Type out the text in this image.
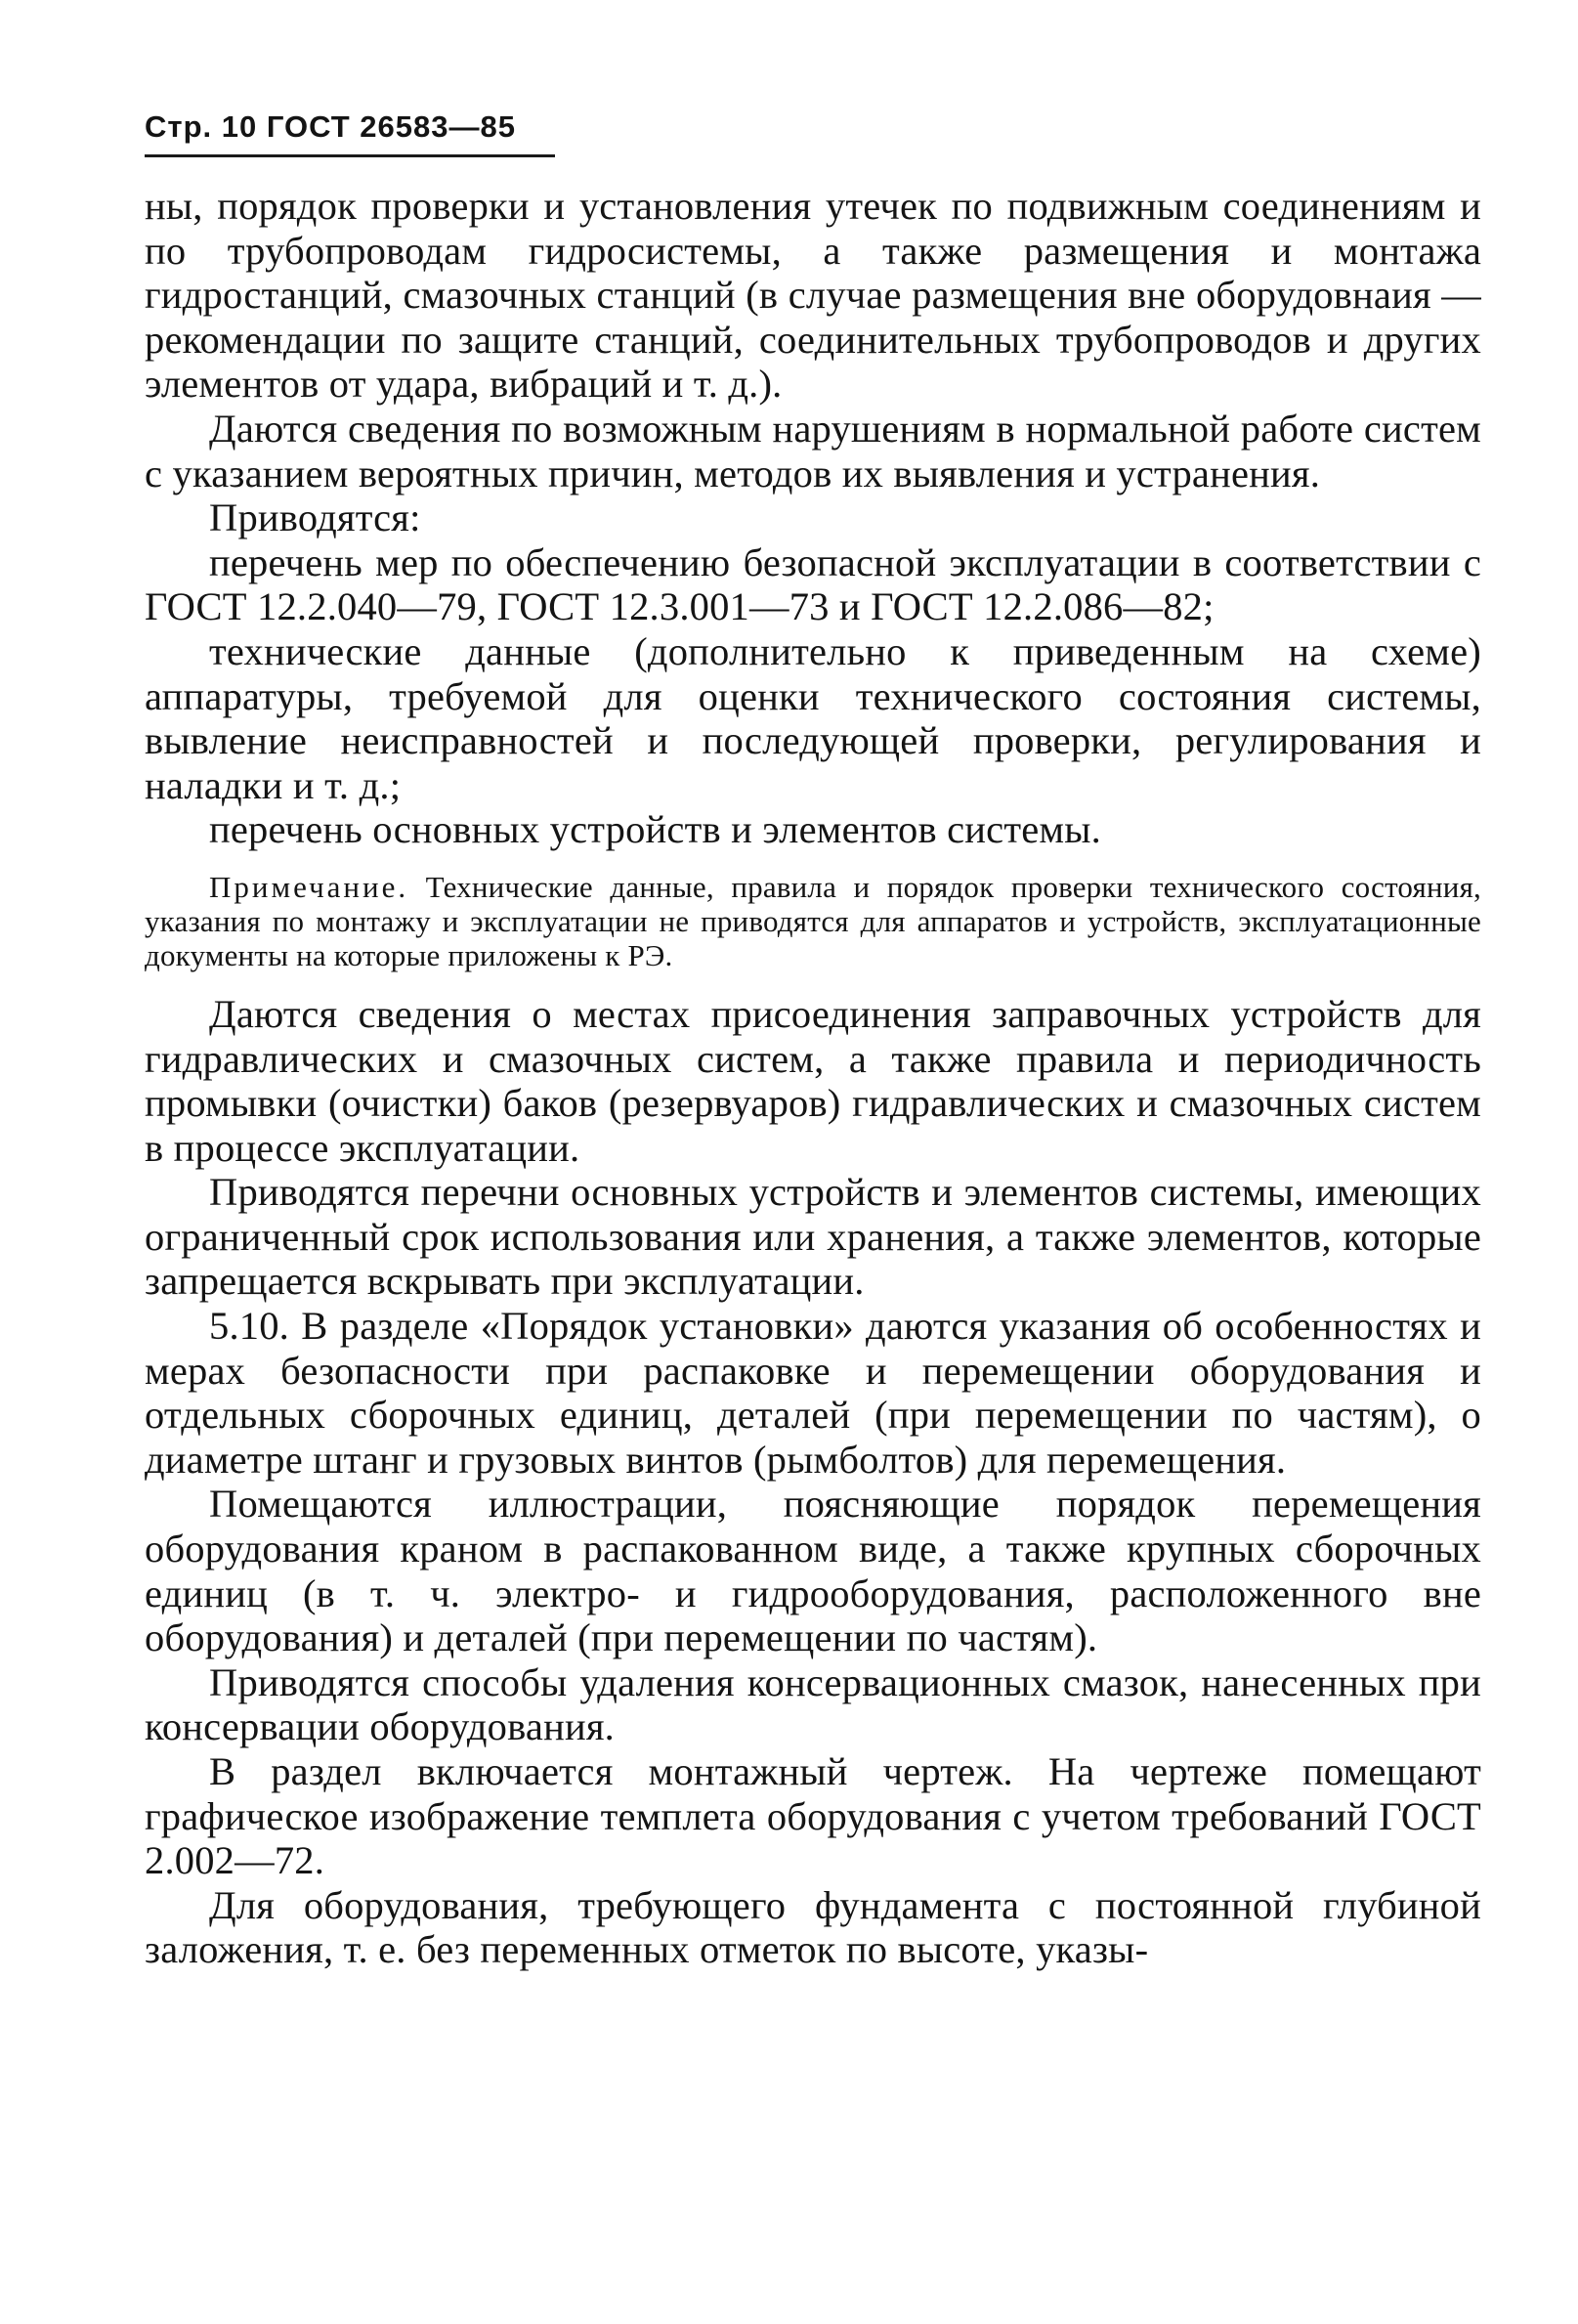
Стр. 10 ГОСТ 26583—85

ны, порядок проверки и установления утечек по подвижным соединениям и по трубопроводам гидросистемы, а также размещения и монтажа гидростанций, смазочных станций (в случае размещения вне оборудовнаия — рекомендации по защите станций, соединительных трубопроводов и других элементов от удара, вибраций и т. д.).

Даются сведения по возможным нарушениям в нормальной работе систем с указанием вероятных причин, методов их выявления и устранения.

Приводятся:

перечень мер по обеспечению безопасной эксплуатации в соответствии с ГОСТ 12.2.040—79, ГОСТ 12.3.001—73 и ГОСТ 12.2.086—82;

технические данные (дополнительно к приведенным на схеме) аппаратуры, требуемой для оценки технического состояния системы, вывление неисправностей и последующей проверки, регулирования и наладки и т. д.;

перечень основных устройств и элементов системы.

Примечание. Технические данные, правила и порядок проверки технического состояния, указания по монтажу и эксплуатации не приводятся для аппаратов и устройств, эксплуатационные документы на которые приложены к РЭ.

Даются сведения о местах присоединения заправочных устройств для гидравлических и смазочных систем, а также правила и периодичность промывки (очистки) баков (резервуаров) гидравлических и смазочных систем в процессе эксплуатации.

Приводятся перечни основных устройств и элементов системы, имеющих ограниченный срок использования или хранения, а также элементов, которые запрещается вскрывать при эксплуатации.

5.10. В разделе «Порядок установки» даются указания об особенностях и мерах безопасности при распаковке и перемещении оборудования и отдельных сборочных единиц, деталей (при перемещении по частям), о диаметре штанг и грузовых винтов (рымболтов) для перемещения.

Помещаются иллюстрации, поясняющие порядок перемещения оборудования краном в распакованном виде, а также крупных сборочных единиц (в т. ч. электро- и гидрооборудования, расположенного вне оборудования) и деталей (при перемещении по частям).

Приводятся способы удаления консервационных смазок, нанесенных при консервации оборудования.

В раздел включается монтажный чертеж. На чертеже помещают графическое изображение темплета оборудования с учетом требований ГОСТ 2.002—72.

Для оборудования, требующего фундамента с постоянной глубиной заложения, т. е. без переменных отметок по высоте, указы-
